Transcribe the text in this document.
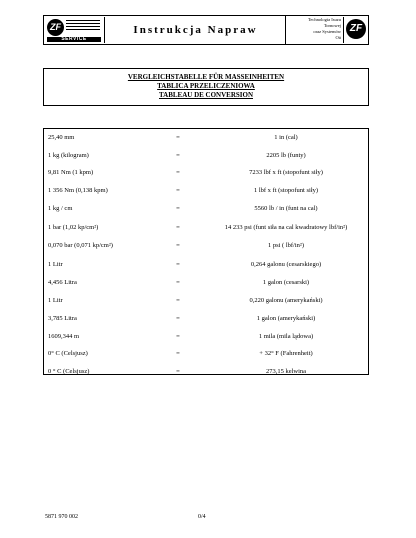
ZF
SERVICE
Instrukcja Napraw
Technologia Isuzu
Tornowej
oraz Systemów
Oü
ZF
VERGLEICHSTABELLE FÜR MASSEINHEITEN
TABLICA PRZELICZENIOWA
TABLEAU DE CONVERSION
25,40 mm	=	1 in (cal)
1 kg (kilogram)	=	2205 lb (funty)
9,81 Nm (1 kpm)	=	7233 lbf x ft (stopofunt siły)
1 356 Nm (0,138 kpm)	=	1 lbf x ft (stopofunt siły)
1 kg / cm	=	5560 lb / in (funt na cal)
1 bar (1,02 kp/cm²)	=	14 233 psi (funt siła na cal kwadratowy lbf/in²)
0,070 bar (0,071 kp/cm²)	=	1 psi ( lbf/in²)
1 Litr	=	0,264 galonu (cesarskiego)
4,456 Litra	=	1 galon (cesarski)
1 Litr	=	0,220 galonu (amerykański)
3,785 Litra	=	1 galon (amerykański)
1609,344 m	=	1 mila (mila lądowa)
0° C (Celsjusz)	=	+ 32° F (Fahrenheit)
0 ° C (Celsjusz)	=	273,15 kelwina
5871 970 002	0/4
